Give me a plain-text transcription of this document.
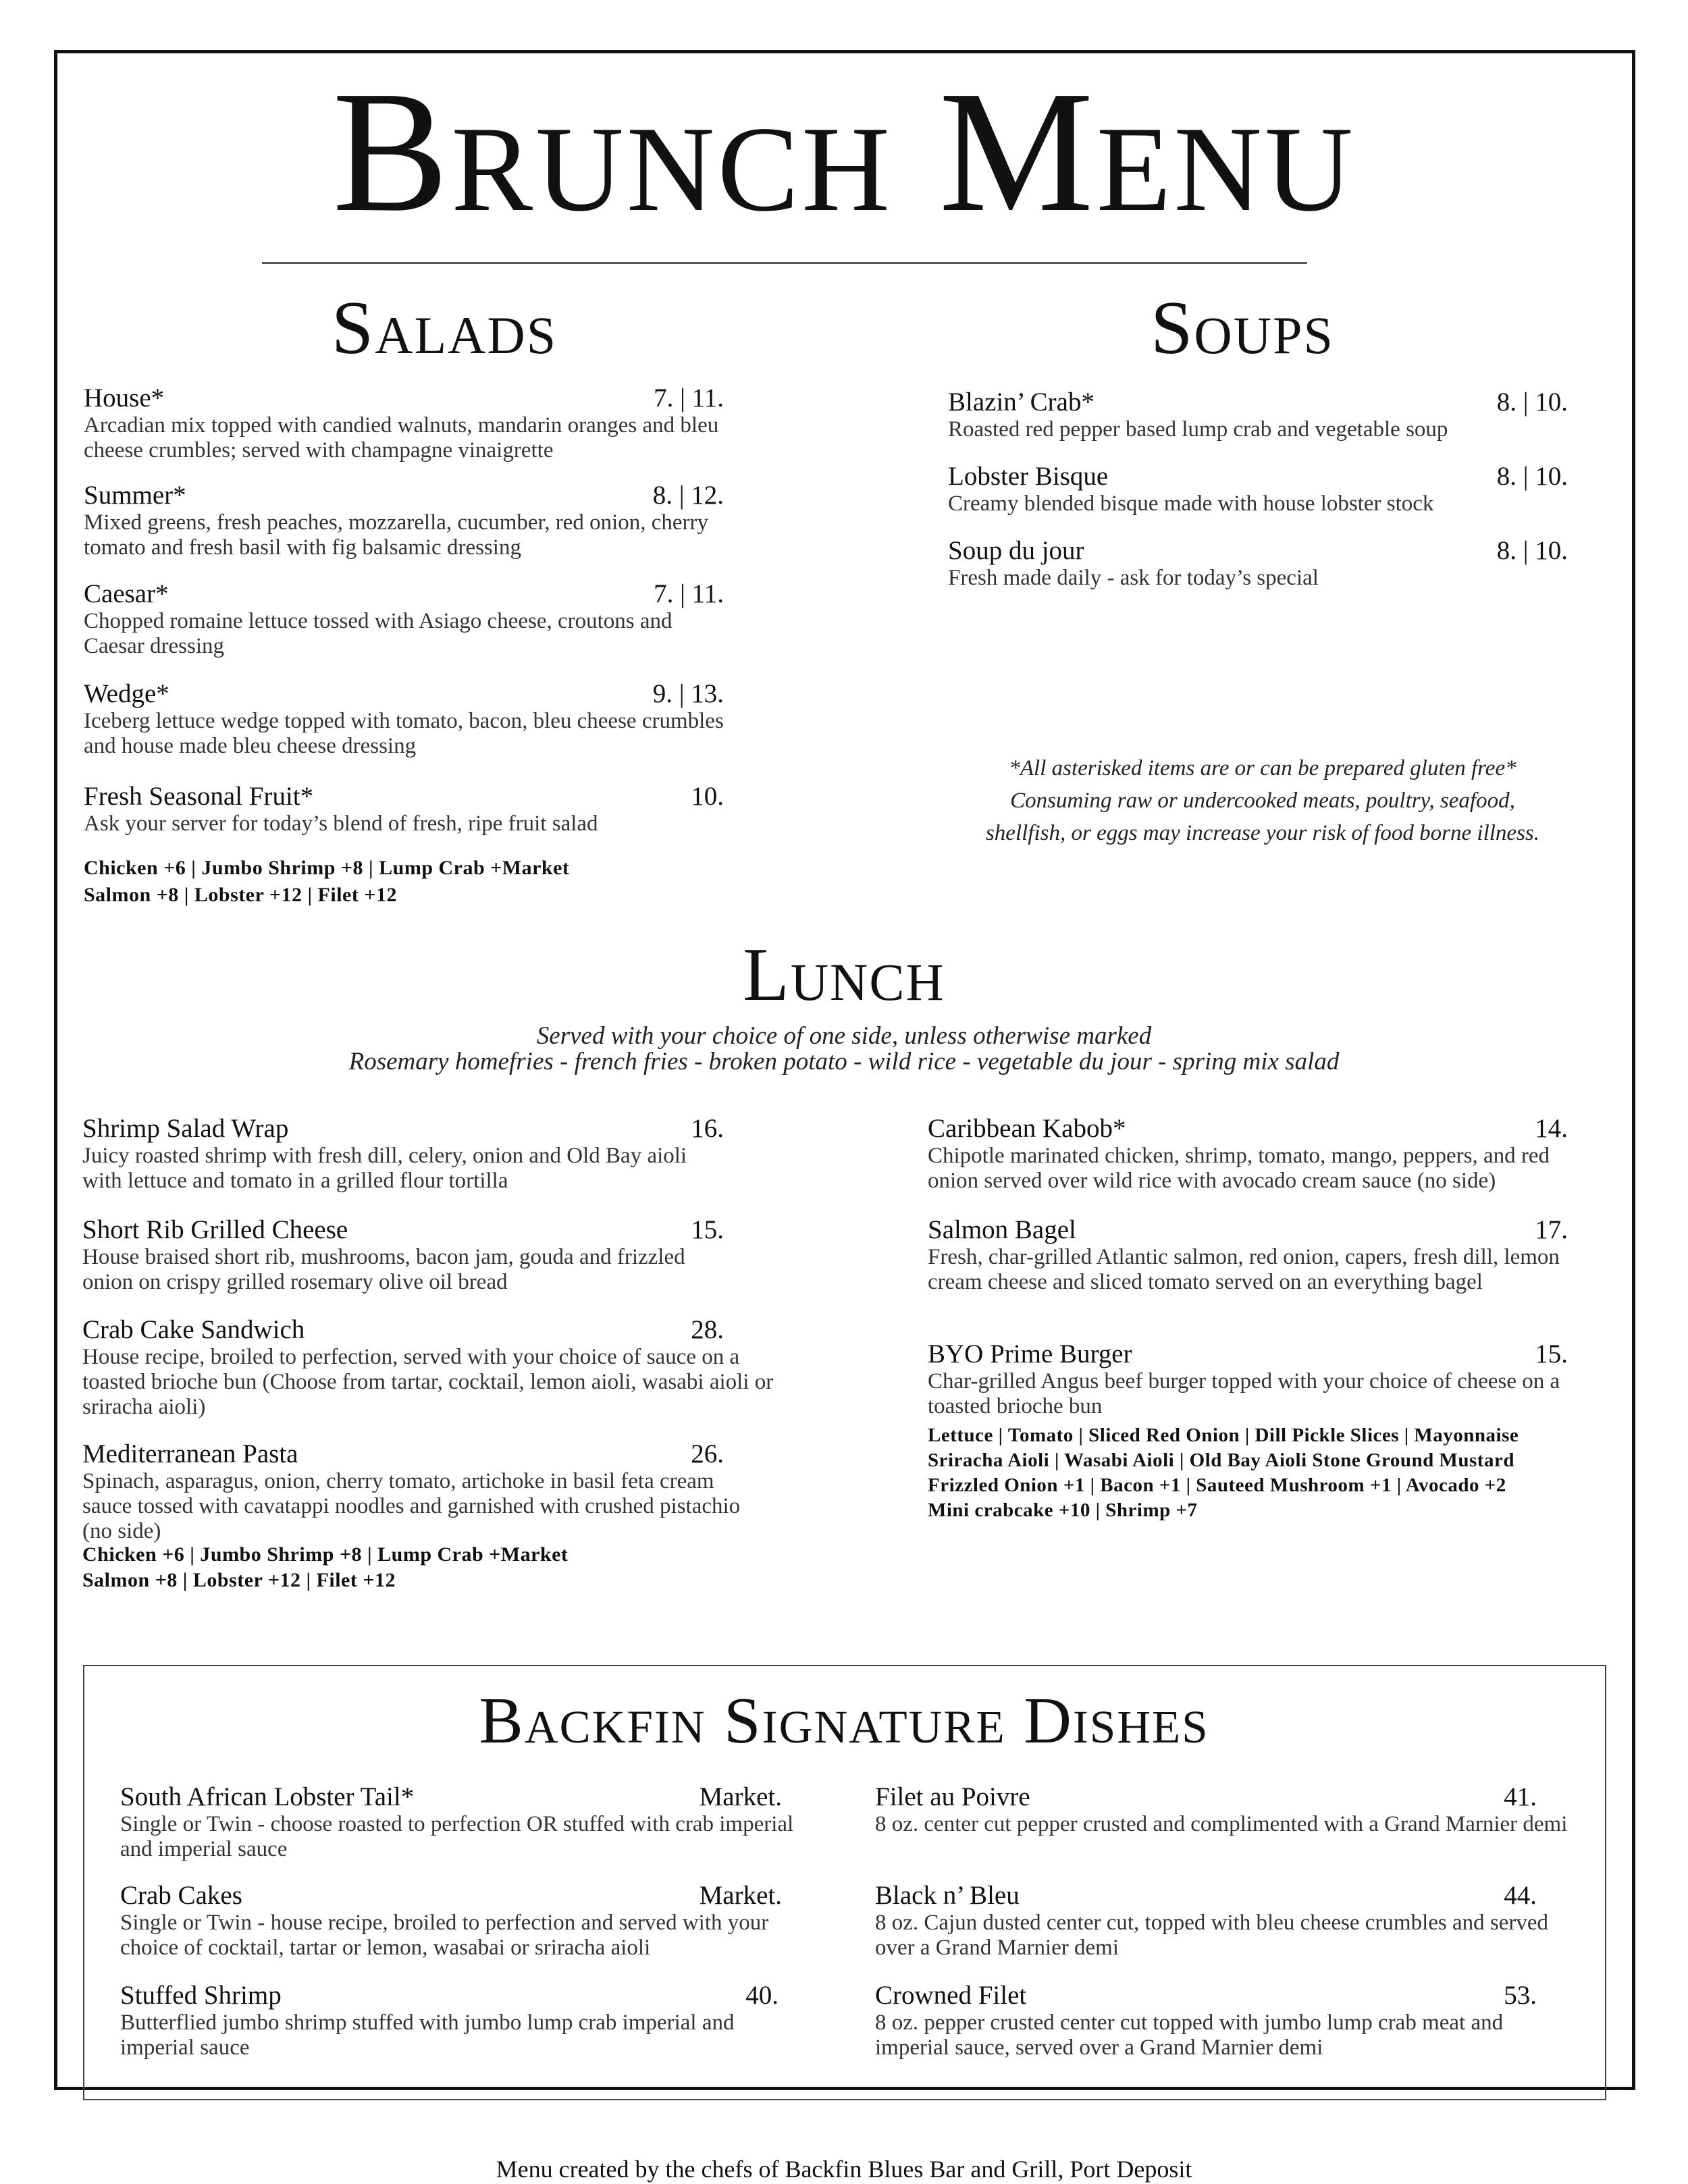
Brunch Menu
Salads
House*	7. | 11.
Arcadian mix topped with candied walnuts, mandarin oranges and bleu cheese crumbles; served with champagne vinaigrette
Summer*	8. | 12.
Mixed greens, fresh peaches, mozzarella, cucumber, red onion, cherry tomato and fresh basil with fig balsamic dressing
Caesar*	7. | 11.
Chopped romaine lettuce tossed with Asiago cheese, croutons and Caesar dressing
Wedge*	9. | 13.
Iceberg lettuce wedge topped with tomato, bacon, bleu cheese crumbles and house made bleu cheese dressing
Fresh Seasonal Fruit*	10.
Ask your server for today’s blend of fresh, ripe fruit salad
Chicken +6 | Jumbo Shrimp +8 | Lump Crab +Market
Salmon +8 | Lobster +12 | Filet +12
Soups
Blazin’ Crab*	8. | 10.
Roasted red pepper based lump crab and vegetable soup
Lobster Bisque	8. | 10.
Creamy blended bisque made with house lobster stock
Soup du jour	8. | 10.
Fresh made daily - ask for today’s special
*All asterisked items are or can be prepared gluten free*
Consuming raw or undercooked meats, poultry, seafood,
shellfish, or eggs may increase your risk of food borne illness.
Lunch
Served with your choice of one side, unless otherwise marked
Rosemary homefries - french fries - broken potato - wild rice - vegetable du jour - spring mix salad
Shrimp Salad Wrap	16.
Juicy roasted shrimp with fresh dill, celery, onion and Old Bay aioli with lettuce and tomato in a grilled flour tortilla
Short Rib Grilled Cheese	15.
House braised short rib, mushrooms, bacon jam, gouda and frizzled onion on crispy grilled rosemary olive oil bread
Crab Cake Sandwich	28.
House recipe, broiled to perfection, served with your choice of sauce on a toasted brioche bun (Choose from tartar, cocktail, lemon aioli, wasabi aioli or sriracha aioli)
Mediterranean Pasta	26.
Spinach, asparagus, onion, cherry tomato, artichoke in basil feta cream sauce tossed with cavatappi noodles and garnished with crushed pistachio (no side)
Chicken +6 | Jumbo Shrimp +8 | Lump Crab +Market
Salmon +8 | Lobster +12 | Filet +12
Caribbean Kabob*	14.
Chipotle marinated chicken, shrimp, tomato, mango, peppers, and red onion served over wild rice with avocado cream sauce (no side)
Salmon Bagel	17.
Fresh, char-grilled Atlantic salmon, red onion, capers, fresh dill, lemon cream cheese and sliced tomato served on an everything bagel
BYO Prime Burger	15.
Char-grilled Angus beef burger topped with your choice of cheese on a toasted brioche bun
Lettuce | Tomato | Sliced Red Onion | Dill Pickle Slices | Mayonnaise
Sriracha Aioli | Wasabi Aioli | Old Bay Aioli Stone Ground Mustard
Frizzled Onion +1 | Bacon +1 | Sauteed Mushroom +1 | Avocado +2
Mini crabcake +10 | Shrimp +7
Backfin Signature Dishes
South African Lobster Tail*	Market.
Single or Twin - choose roasted to perfection OR stuffed with crab imperial and imperial sauce
Crab Cakes	Market.
Single or Twin - house recipe, broiled to perfection and served with your choice of cocktail, tartar or lemon, wasabai or sriracha aioli
Stuffed Shrimp	40.
Butterflied jumbo shrimp stuffed with jumbo lump crab imperial and imperial sauce
Filet au Poivre	41.
8 oz. center cut pepper crusted and complimented with a Grand Marnier demi
Black n’ Bleu	44.
8 oz. Cajun dusted center cut, topped with bleu cheese crumbles and served over a Grand Marnier demi
Crowned Filet	53.
8 oz. pepper crusted center cut topped with jumbo lump crab meat and imperial sauce, served over a Grand Marnier demi
Menu created by the chefs of Backfin Blues Bar and Grill, Port Deposit
